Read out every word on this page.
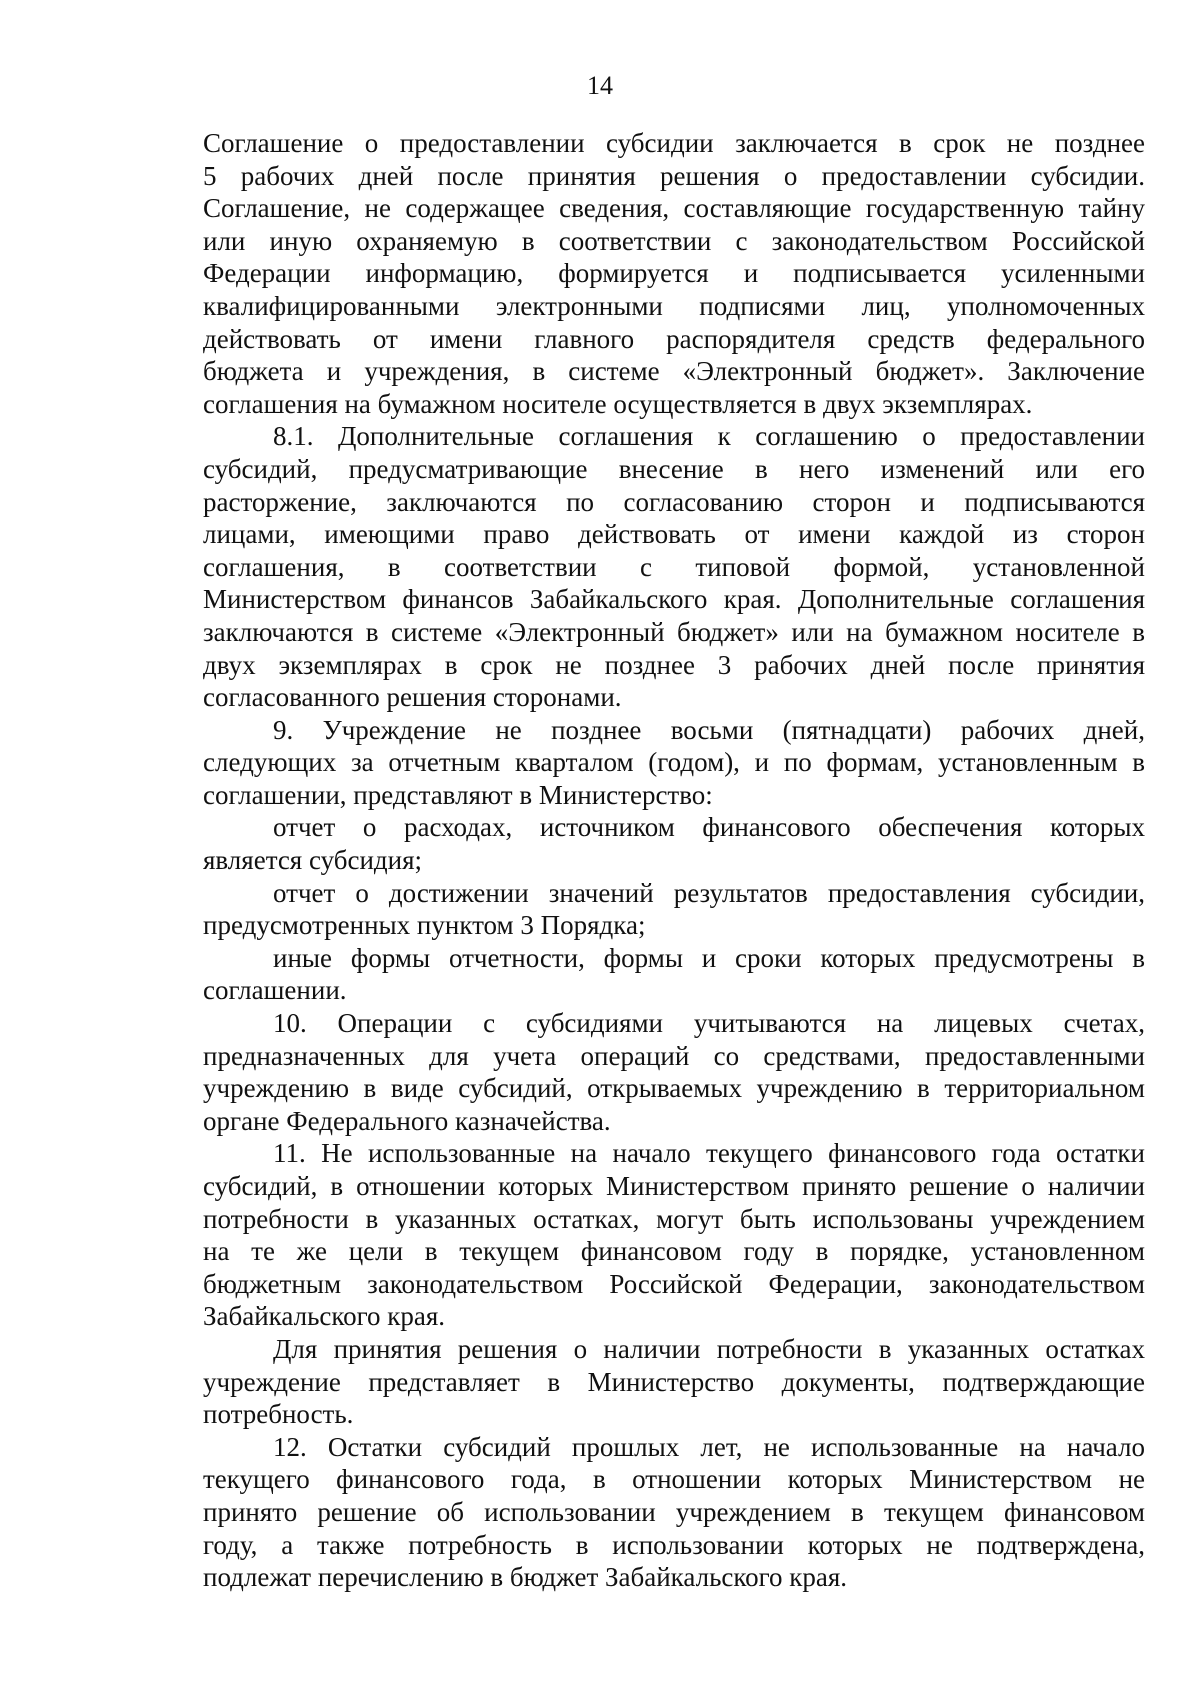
14
Соглашение о предоставлении субсидии заключается в срок не позднее
5 рабочих дней после принятия решения о предоставлении субсидии.
Соглашение, не содержащее сведения, составляющие государственную тайну
или иную охраняемую в соответствии с законодательством Российской
Федерации информацию, формируется и подписывается усиленными
квалифицированными электронными подписями лиц, уполномоченных
действовать от имени главного распорядителя средств федерального
бюджета и учреждения, в системе «Электронный бюджет». Заключение
соглашения на бумажном носителе осуществляется в двух экземплярах.
8.1. Дополнительные соглашения к соглашению о предоставлении
субсидий, предусматривающие внесение в него изменений или его
расторжение, заключаются по согласованию сторон и подписываются
лицами, имеющими право действовать от имени каждой из сторон
соглашения, в соответствии с типовой формой, установленной
Министерством финансов Забайкальского края. Дополнительные соглашения
заключаются в системе «Электронный бюджет» или на бумажном носителе в
двух экземплярах в срок не позднее 3 рабочих дней после принятия
согласованного решения сторонами.
9. Учреждение не позднее восьми (пятнадцати) рабочих дней,
следующих за отчетным кварталом (годом), и по формам, установленным в
соглашении, представляют в Министерство:
отчет о расходах, источником финансового обеспечения которых
является субсидия;
отчет о достижении значений результатов предоставления субсидии,
предусмотренных пунктом 3 Порядка;
иные формы отчетности, формы и сроки которых предусмотрены в
соглашении.
10. Операции с субсидиями учитываются на лицевых счетах,
предназначенных для учета операций со средствами, предоставленными
учреждению в виде субсидий, открываемых учреждению в территориальном
органе Федерального казначейства.
11. Не использованные на начало текущего финансового года остатки
субсидий, в отношении которых Министерством принято решение о наличии
потребности в указанных остатках, могут быть использованы учреждением
на те же цели в текущем финансовом году в порядке, установленном
бюджетным законодательством Российской Федерации, законодательством
Забайкальского края.
Для принятия решения о наличии потребности в указанных остатках
учреждение представляет в Министерство документы, подтверждающие
потребность.
12. Остатки субсидий прошлых лет, не использованные на начало
текущего финансового года, в отношении которых Министерством не
принято решение об использовании учреждением в текущем финансовом
году, а также потребность в использовании которых не подтверждена,
подлежат перечислению в бюджет Забайкальского края.
